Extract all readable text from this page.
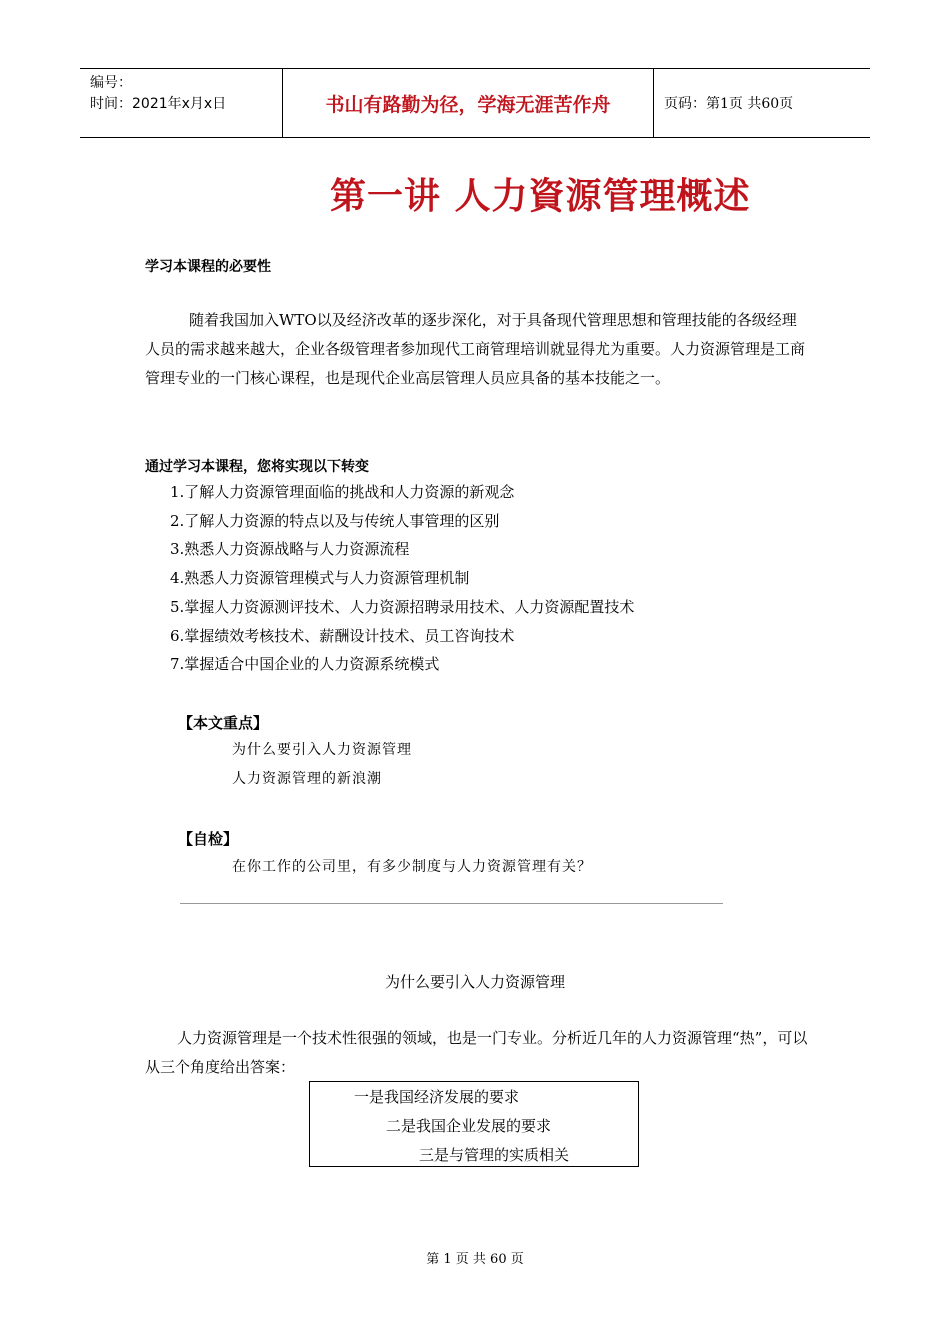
编号：
时间：2021年x月x日	书山有路勤为径，学海无涯苦作舟	页码：第1页 共60页
第一讲 人力資源管理概述
学习本课程的必要性
随着我国加入WTO以及经济改革的逐步深化，对于具备现代管理思想和管理技能的各级经理人员的需求越来越大，企业各级管理者参加现代工商管理培训就显得尤为重要。人力资源管理是工商管理专业的一门核心课程，也是现代企业高层管理人员应具备的基本技能之一。
通过学习本课程，您将实现以下转变
1.了解人力资源管理面临的挑战和人力资源的新观念
2.了解人力资源的特点以及与传统人事管理的区别
3.熟悉人力资源战略与人力资源流程
4.熟悉人力资源管理模式与人力资源管理机制
5.掌握人力资源测评技术、人力资源招聘录用技术、人力资源配置技术
6.掌握绩效考核技术、薪酬设计技术、员工咨询技术
7.掌握适合中国企业的人力资源系统模式
【本文重点】
为什么要引入人力资源管理
人力资源管理的新浪潮
【自检】
在你工作的公司里，有多少制度与人力资源管理有关？
为什么要引入人力资源管理
人力资源管理是一个技术性很强的领域，也是一门专业。分析近几年的人力资源管理“热”，可以从三个角度给出答案：
一是我国经济发展的要求
二是我国企业发展的要求
三是与管理的实质相关
第 1 页 共 60 页
